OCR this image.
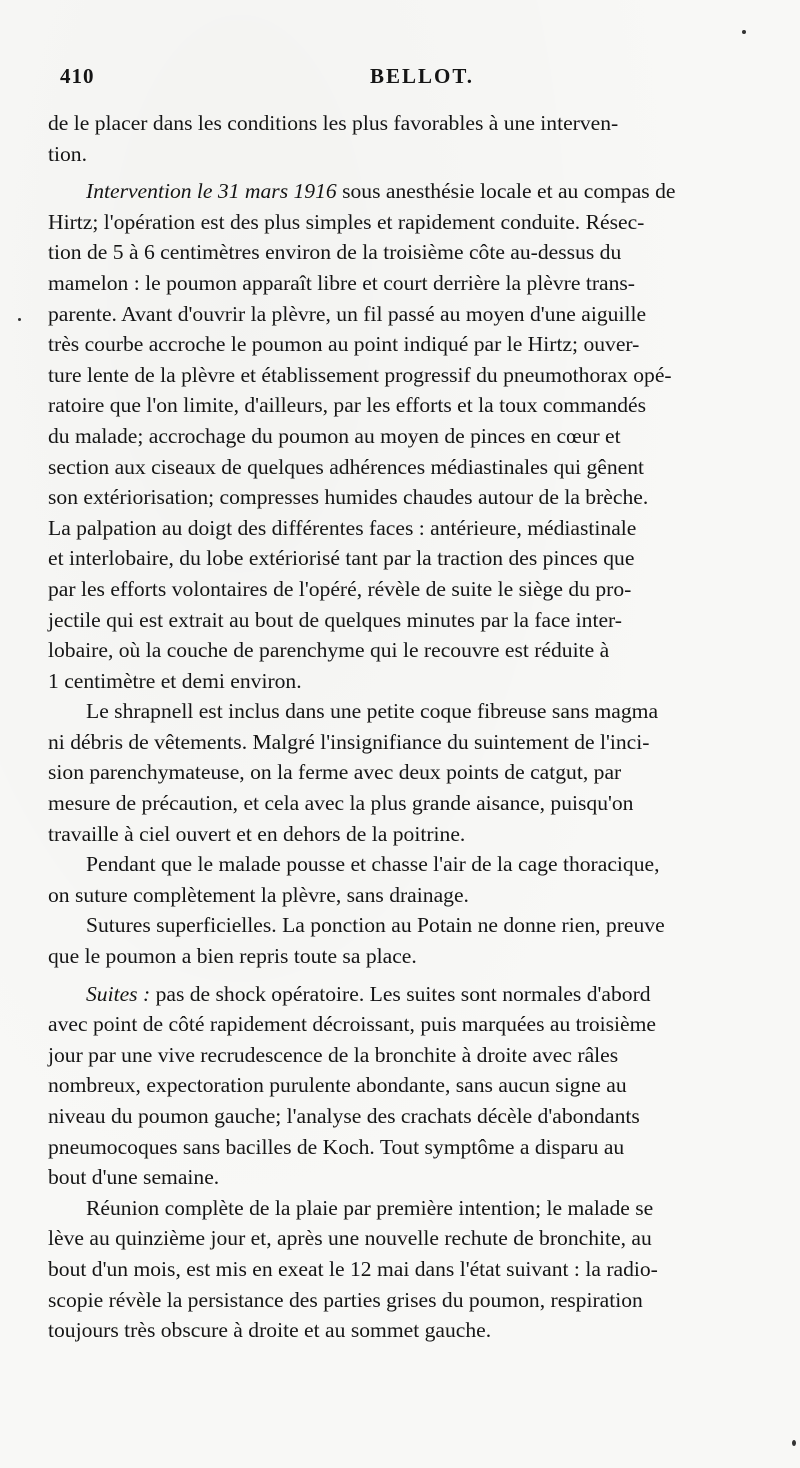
410	BELLOT.

de le placer dans les conditions les plus favorables à une interven-
tion.

Intervention le 31 mars 1916 sous anesthésie locale et au compas de
Hirtz; l'opération est des plus simples et rapidement conduite. Résec-
tion de 5 à 6 centimètres environ de la troisième côte au-dessus du
mamelon : le poumon apparaît libre et court derrière la plèvre trans-
parente. Avant d'ouvrir la plèvre, un fil passé au moyen d'une aiguille
très courbe accroche le poumon au point indiqué par le Hirtz; ouver-
ture lente de la plèvre et établissement progressif du pneumothorax opé-
ratoire que l'on limite, d'ailleurs, par les efforts et la toux commandés
du malade; accrochage du poumon au moyen de pinces en cœur et
section aux ciseaux de quelques adhérences médiastinales qui gênent
son extériorisation; compresses humides chaudes autour de la brèche.
La palpation au doigt des différentes faces : antérieure, médiastinale
et interlobaire, du lobe extériorisé tant par la traction des pinces que
par les efforts volontaires de l'opéré, révèle de suite le siège du pro-
jectile qui est extrait au bout de quelques minutes par la face inter-
lobaire, où la couche de parenchyme qui le recouvre est réduite à
1 centimètre et demi environ.

Le shrapnell est inclus dans une petite coque fibreuse sans magma
ni débris de vêtements. Malgré l'insignifiance du suintement de l'inci-
sion parenchymateuse, on la ferme avec deux points de catgut, par
mesure de précaution, et cela avec la plus grande aisance, puisqu'on
travaille à ciel ouvert et en dehors de la poitrine.

Pendant que le malade pousse et chasse l'air de la cage thoracique,
on suture complètement la plèvre, sans drainage.

Sutures superficielles. La ponction au Potain ne donne rien, preuve
que le poumon a bien repris toute sa place.

Suites : pas de shock opératoire. Les suites sont normales d'abord
avec point de côté rapidement décroissant, puis marquées au troisième
jour par une vive recrudescence de la bronchite à droite avec râles
nombreux, expectoration purulente abondante, sans aucun signe au
niveau du poumon gauche; l'analyse des crachats décèle d'abondants
pneumocoques sans bacilles de Koch. Tout symptôme a disparu au
bout d'une semaine.

Réunion complète de la plaie par première intention; le malade se
lève au quinzième jour et, après une nouvelle rechute de bronchite, au
bout d'un mois, est mis en exeat le 12 mai dans l'état suivant : la radio-
scopie révèle la persistance des parties grises du poumon, respiration
toujours très obscure à droite et au sommet gauche.
